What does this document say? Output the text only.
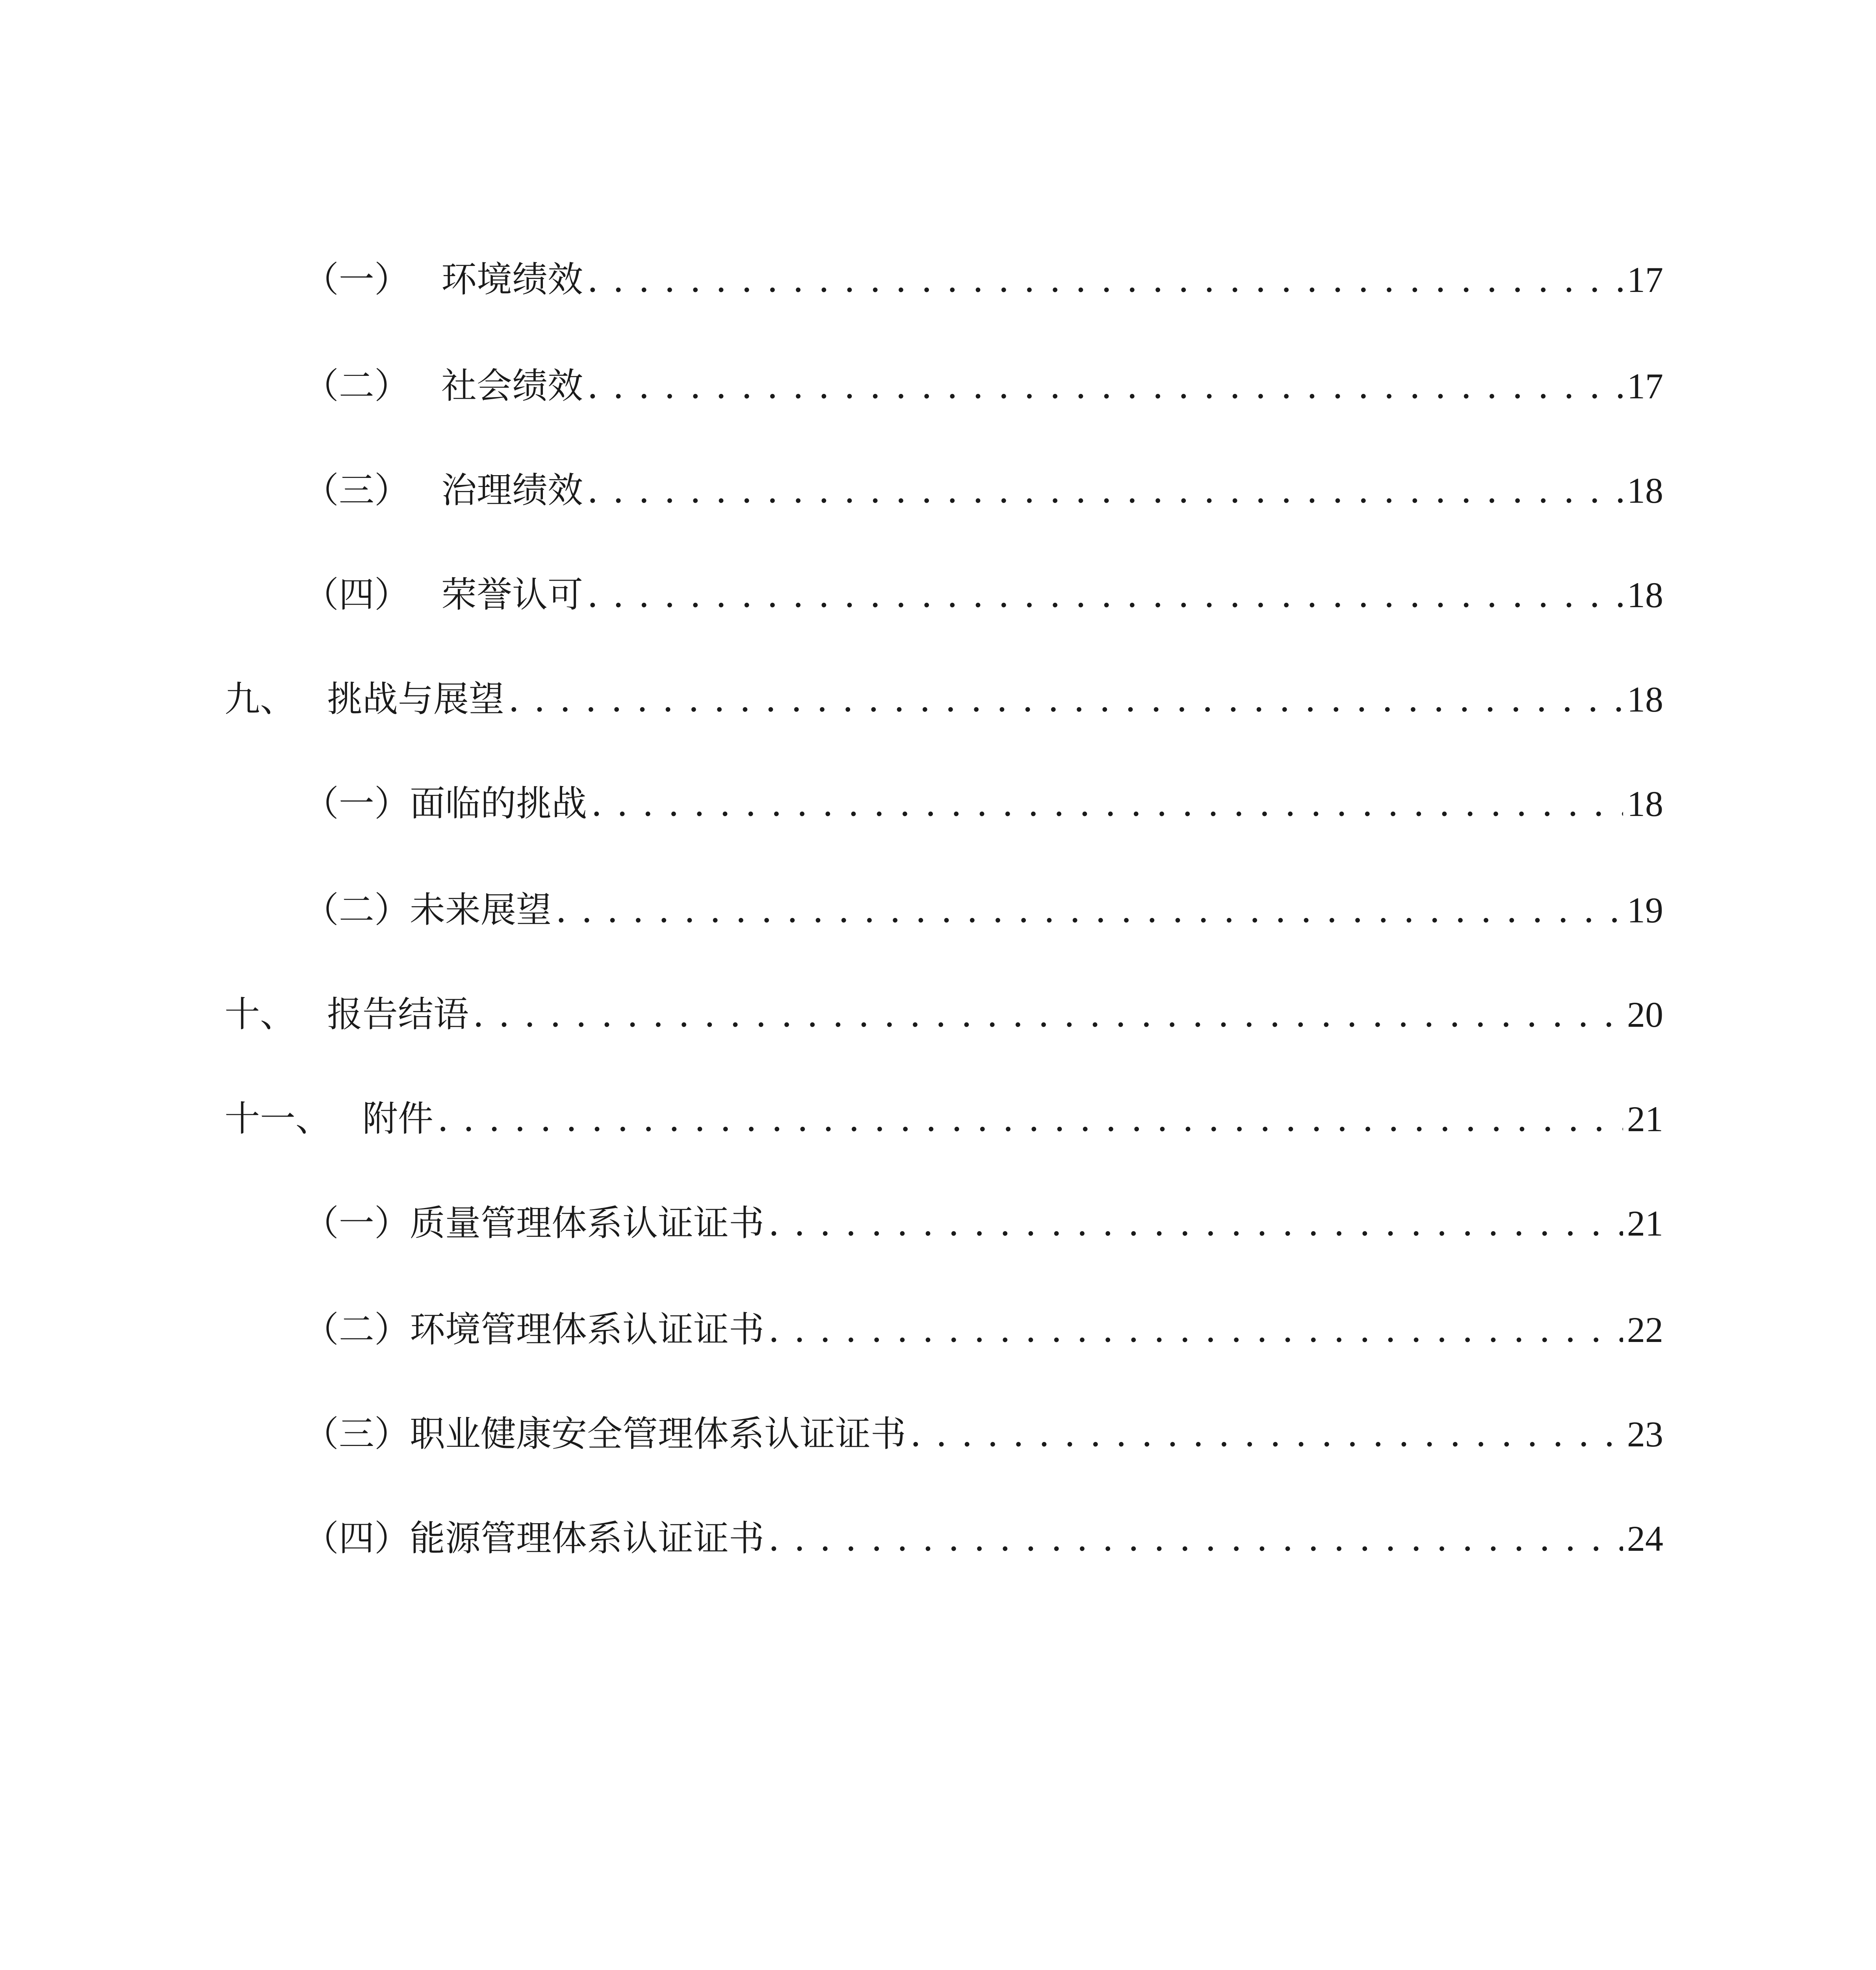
（一） 环境绩效 . . .	17
（二） 社会绩效 . . .	17
（三） 治理绩效 . . .	18
（四） 荣誉认可 . . .	18
九、 挑战与展望 . . .	18
（一） 面临的挑战 . . .	18
（二） 未来展望 . . .	19
十、 报告结语 . . .	20
十一、 附件 . . .	21
（一） 质量管理体系认证证书 . . .	21
（二） 环境管理体系认证证书 . . .	22
（三） 职业健康安全管理体系认证证书 . . .	23
（四） 能源管理体系认证证书 . . .	24
